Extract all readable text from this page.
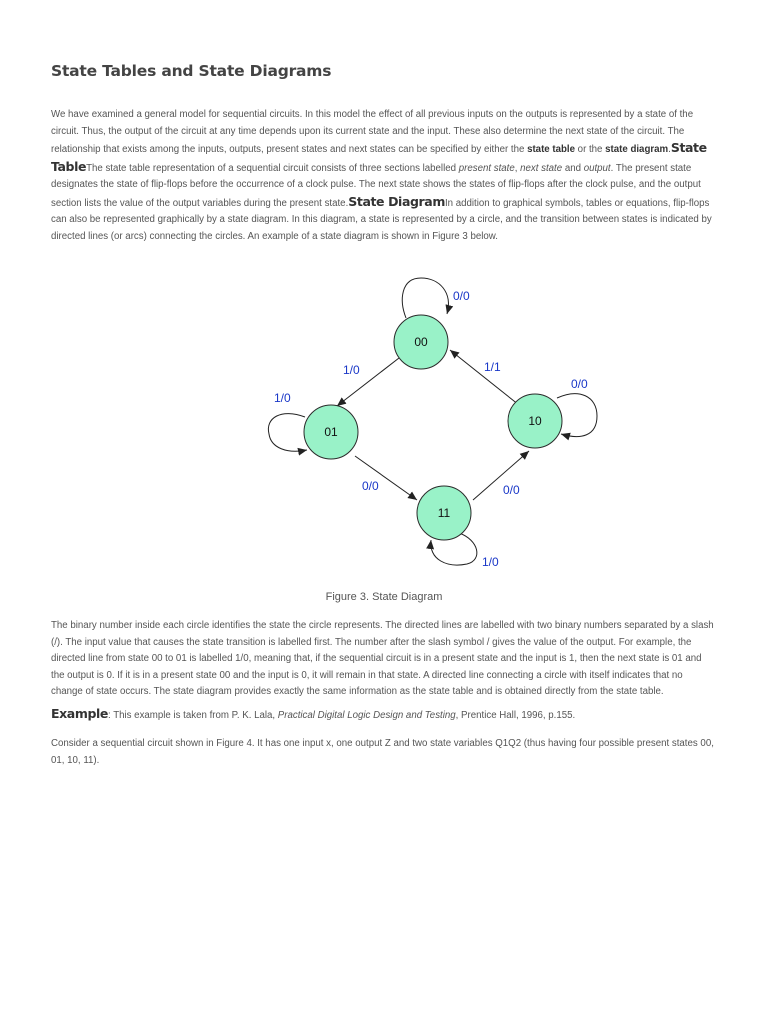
State Tables and State Diagrams

We have examined a general model for sequential circuits. In this model the effect of all previous inputs on the outputs is represented by a state of the circuit. Thus, the output of the circuit at any time depends upon its current state and the input. These also determine the next state of the circuit. The relationship that exists among the inputs, outputs, present states and next states can be specified by either the state table or the state diagram.State TableThe state table representation of a sequential circuit consists of three sections labelled present state, next state and output. The present state designates the state of flip-flops before the occurrence of a clock pulse. The next state shows the states of flip-flops after the clock pulse, and the output section lists the value of the output variables during the present state.State DiagramIn addition to graphical symbols, tables or equations, flip-flops can also be represented graphically by a state diagram. In this diagram, a state is represented by a circle, and the transition between states is indicated by directed lines (or arcs) connecting the circles. An example of a state diagram is shown in Figure 3 below.

0/0
1/0
1/0
0/0
1/0
0/0
0/0
1/1
00
01
10
11
Figure 3. State Diagram

The binary number inside each circle identifies the state the circle represents. The directed lines are labelled with two binary numbers separated by a slash (/). The input value that causes the state transition is labelled first. The number after the slash symbol / gives the value of the output. For example, the directed line from state 00 to 01 is labelled 1/0, meaning that, if the sequential circuit is in a present state and the input is 1, then the next state is 01 and the output is 0. If it is in a present state 00 and the input is 0, it will remain in that state. A directed line connecting a circle with itself indicates that no change of state occurs. The state diagram provides exactly the same information as the state table and is obtained directly from the state table.

Example: This example is taken from P. K. Lala, Practical Digital Logic Design and Testing, Prentice Hall, 1996, p.155.

Consider a sequential circuit shown in Figure 4. It has one input x, one output Z and two state variables Q1Q2 (thus having four possible present states 00, 01, 10, 11).
